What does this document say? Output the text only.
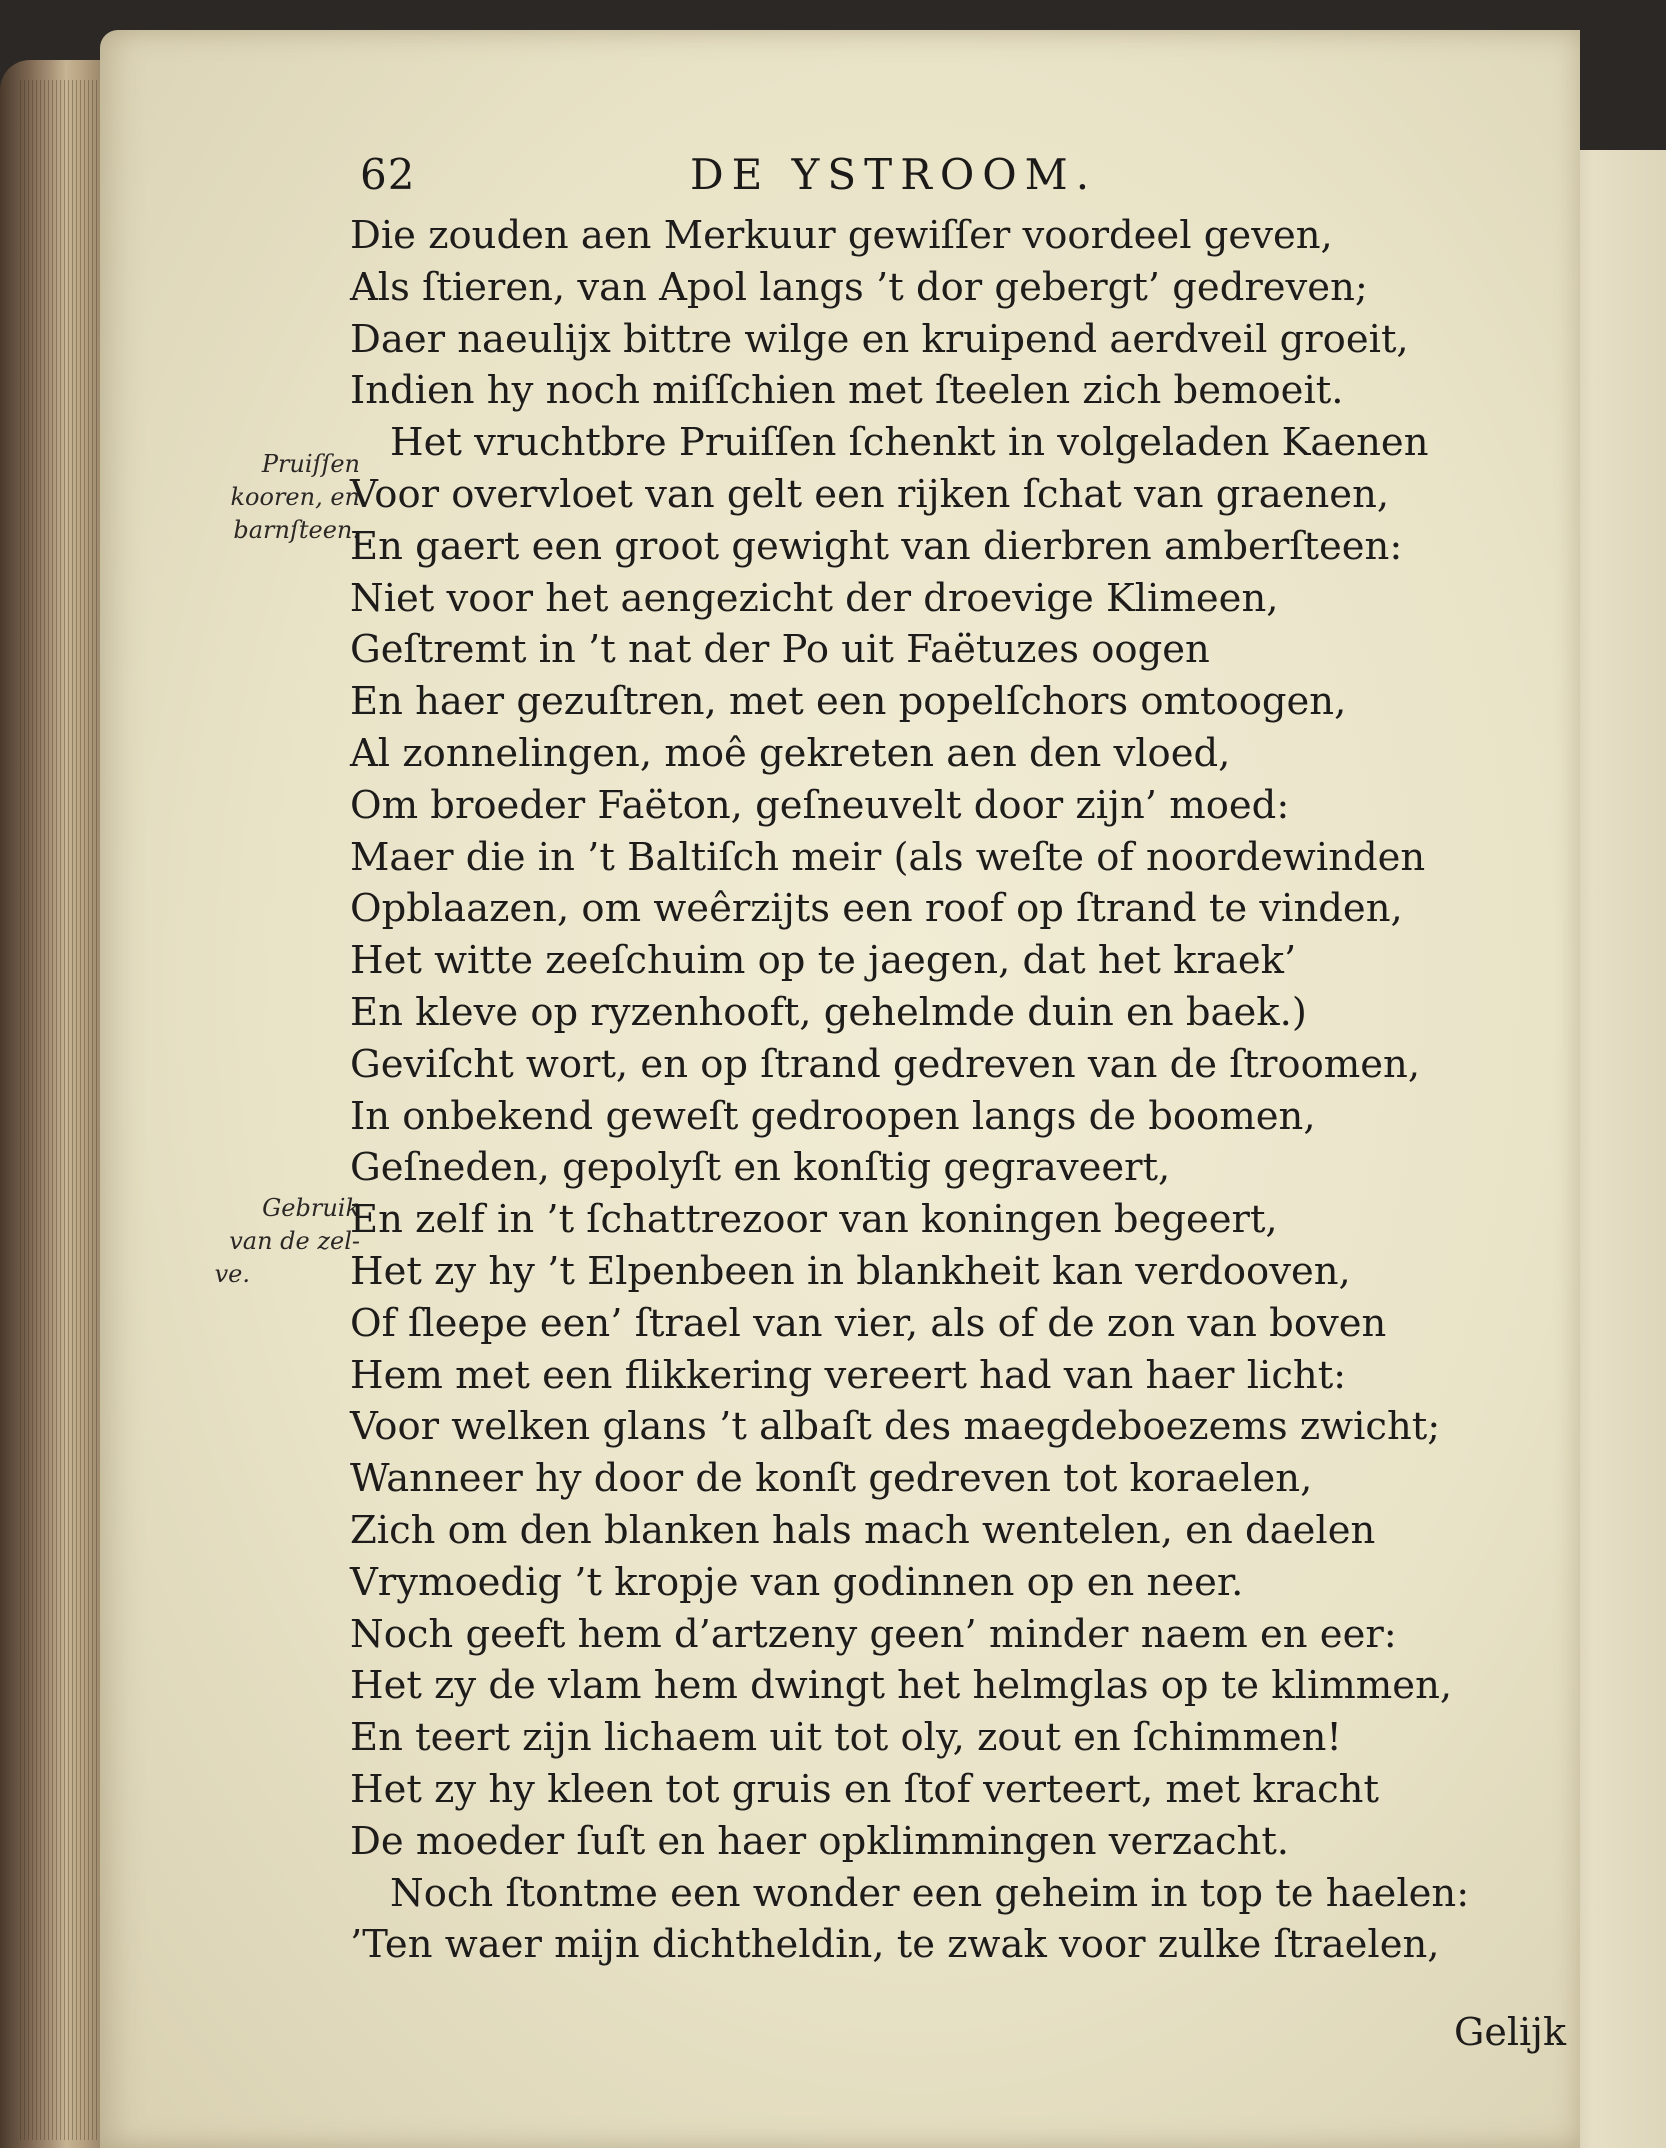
62	DE YSTROOM.
Pruiſſen
kooren, en
barnſteen.
Gebruik
van de zel-
ve.
Die zouden aen Merkuur gewiſſer voordeel geven,
Als ſtieren, van Apol langs ’t dor gebergt’ gedreven;
Daer naeulijx bittre wilge en kruipend aerdveil groeit,
Indien hy noch miſſchien met ſteelen zich bemoeit.
Het vruchtbre Pruiſſen ſchenkt in volgeladen Kaenen
Voor overvloet van gelt een rijken ſchat van graenen,
En gaert een groot gewight van dierbren amberſteen:
Niet voor het aengezicht der droevige Klimeen,
Geſtremt in ’t nat der Po uit Faëtuzes oogen
En haer gezuſtren, met een popelſchors omtoogen,
Al zonnelingen, moê gekreten aen den vloed,
Om broeder Faëton, geſneuvelt door zijn’ moed:
Maer die in ’t Baltiſch meir (als weſte of noordewinden
Opblaazen, om weêrzijts een roof op ſtrand te vinden,
Het witte zeeſchuim op te jaegen, dat het kraek’
En kleve op ryzenhooft, gehelmde duin en baek.)
Geviſcht wort, en op ſtrand gedreven van de ſtroomen,
In onbekend geweſt gedroopen langs de boomen,
Geſneden, gepolyſt en konſtig gegraveert,
En zelf in ’t ſchattrezoor van koningen begeert,
Het zy hy ’t Elpenbeen in blankheit kan verdooven,
Of ſleepe een’ ſtrael van vier, als of de zon van boven
Hem met een flikkering vereert had van haer licht:
Voor welken glans ’t albaſt des maegdeboezems zwicht;
Wanneer hy door de konſt gedreven tot koraelen,
Zich om den blanken hals mach wentelen, en daelen
Vrymoedig ’t kropje van godinnen op en neer.
Noch geeft hem d’artzeny geen’ minder naem en eer:
Het zy de vlam hem dwingt het helmglas op te klimmen,
En teert zijn lichaem uit tot oly, zout en ſchimmen!
Het zy hy kleen tot gruis en ſtof verteert, met kracht
De moeder ſuſt en haer opklimmingen verzacht.
Noch ſtontme een wonder een geheim in top te haelen:
’Ten waer mijn dichtheldin, te zwak voor zulke ſtraelen,
Gelijk
